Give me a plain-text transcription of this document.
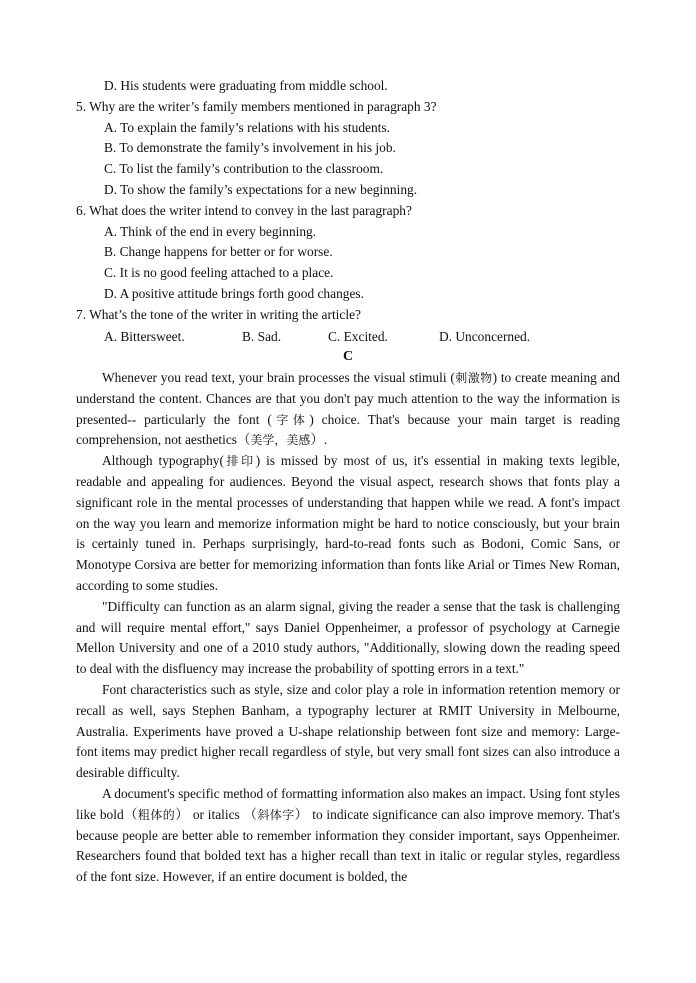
D. His students were graduating from middle school.
5. Why are the writer’s family members mentioned in paragraph 3?
A. To explain the family’s relations with his students.
B. To demonstrate the family’s involvement in his job.
C. To list the family’s contribution to the classroom.
D. To show the family’s expectations for a new beginning.
6. What does the writer intend to convey in the last paragraph?
A. Think of the end in every beginning.
B. Change happens for better or for worse.
C. It is no good feeling attached to a place.
D. A positive attitude brings forth good changes.
7. What’s the tone of the writer in writing the article?
A. Bittersweet.	B. Sad.	C. Excited.	D. Unconcerned.
C

Whenever you read text, your brain processes the visual stimuli (刺激物) to create meaning and understand the content. Chances are that you don't pay much attention to the way the information is presented-- particularly the font (字体) choice. That's because your main target is reading comprehension, not aesthetics（美学，美感）.

Although typography(排印) is missed by most of us, it's essential in making texts legible, readable and appealing for audiences. Beyond the visual aspect, research shows that fonts play a significant role in the mental processes of understanding that happen while we read. A font's impact on the way you learn and memorize information might be hard to notice consciously, but your brain is certainly tuned in. Perhaps surprisingly, hard-to-read fonts such as Bodoni, Comic Sans, or Monotype Corsiva are better for memorizing information than fonts like Arial or Times New Roman, according to some studies.

"Difficulty can function as an alarm signal, giving the reader a sense that the task is challenging and will require mental effort," says Daniel Oppenheimer, a professor of psychology at Carnegie Mellon University and one of a 2010 study authors, "Additionally, slowing down the reading speed to deal with the disfluency may increase the probability of spotting errors in a text."

Font characteristics such as style, size and color play a role in information retention memory or recall as well, says Stephen Banham, a typography lecturer at RMIT University in Melbourne, Australia. Experiments have proved a U-shape relationship between font size and memory: Large-font items may predict higher recall regardless of style, but very small font sizes can also introduce a desirable difficulty.

A document's specific method of formatting information also makes an impact. Using font styles like bold（粗体的） or italics （斜体字） to indicate significance can also improve memory. That's because people are better able to remember information they consider important, says Oppenheimer. Researchers found that bolded text has a higher recall than text in italic or regular styles, regardless of the font size. However, if an entire document is bolded, the
